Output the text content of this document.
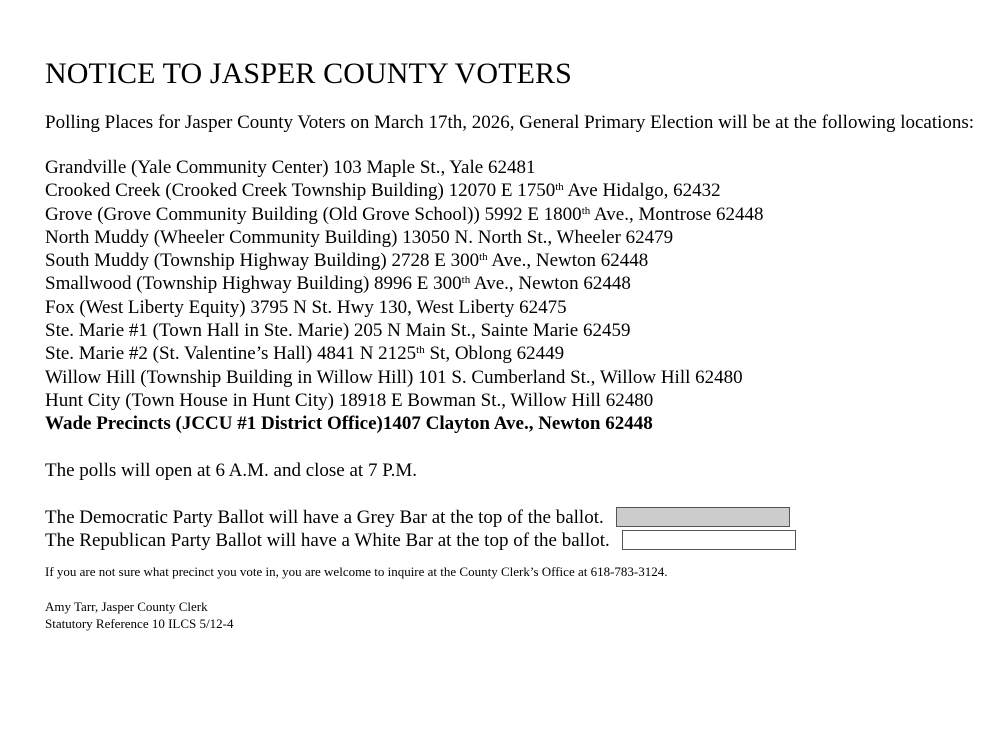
NOTICE TO JASPER COUNTY VOTERS
Polling Places for Jasper County Voters on March 17th, 2026, General Primary Election will be at the following locations:
Grandville (Yale Community Center) 103 Maple St., Yale 62481
Crooked Creek (Crooked Creek Township Building) 12070 E 1750th Ave Hidalgo, 62432
Grove (Grove Community Building (Old Grove School)) 5992 E 1800th Ave., Montrose 62448
North Muddy (Wheeler Community Building) 13050 N. North St., Wheeler 62479
South Muddy (Township Highway Building) 2728 E 300th Ave., Newton 62448
Smallwood (Township Highway Building) 8996 E 300th Ave., Newton 62448
Fox (West Liberty Equity) 3795 N St. Hwy 130, West Liberty 62475
Ste. Marie #1 (Town Hall in Ste. Marie) 205 N Main St., Sainte Marie 62459
Ste. Marie #2 (St. Valentine’s Hall) 4841 N 2125th St, Oblong 62449
Willow Hill (Township Building in Willow Hill) 101 S. Cumberland St., Willow Hill 62480
Hunt City (Town House in Hunt City) 18918 E Bowman St., Willow Hill 62480
Wade Precincts (JCCU #1 District Office)1407 Clayton Ave., Newton 62448
The polls will open at 6 A.M. and close at 7 P.M.
The Democratic Party Ballot will have a Grey Bar at the top of the ballot.
The Republican Party Ballot will have a White Bar at the top of the ballot.
If you are not sure what precinct you vote in, you are welcome to inquire at the County Clerk’s Office at 618-783-3124.
Amy Tarr, Jasper County Clerk
Statutory Reference 10 ILCS 5/12-4
